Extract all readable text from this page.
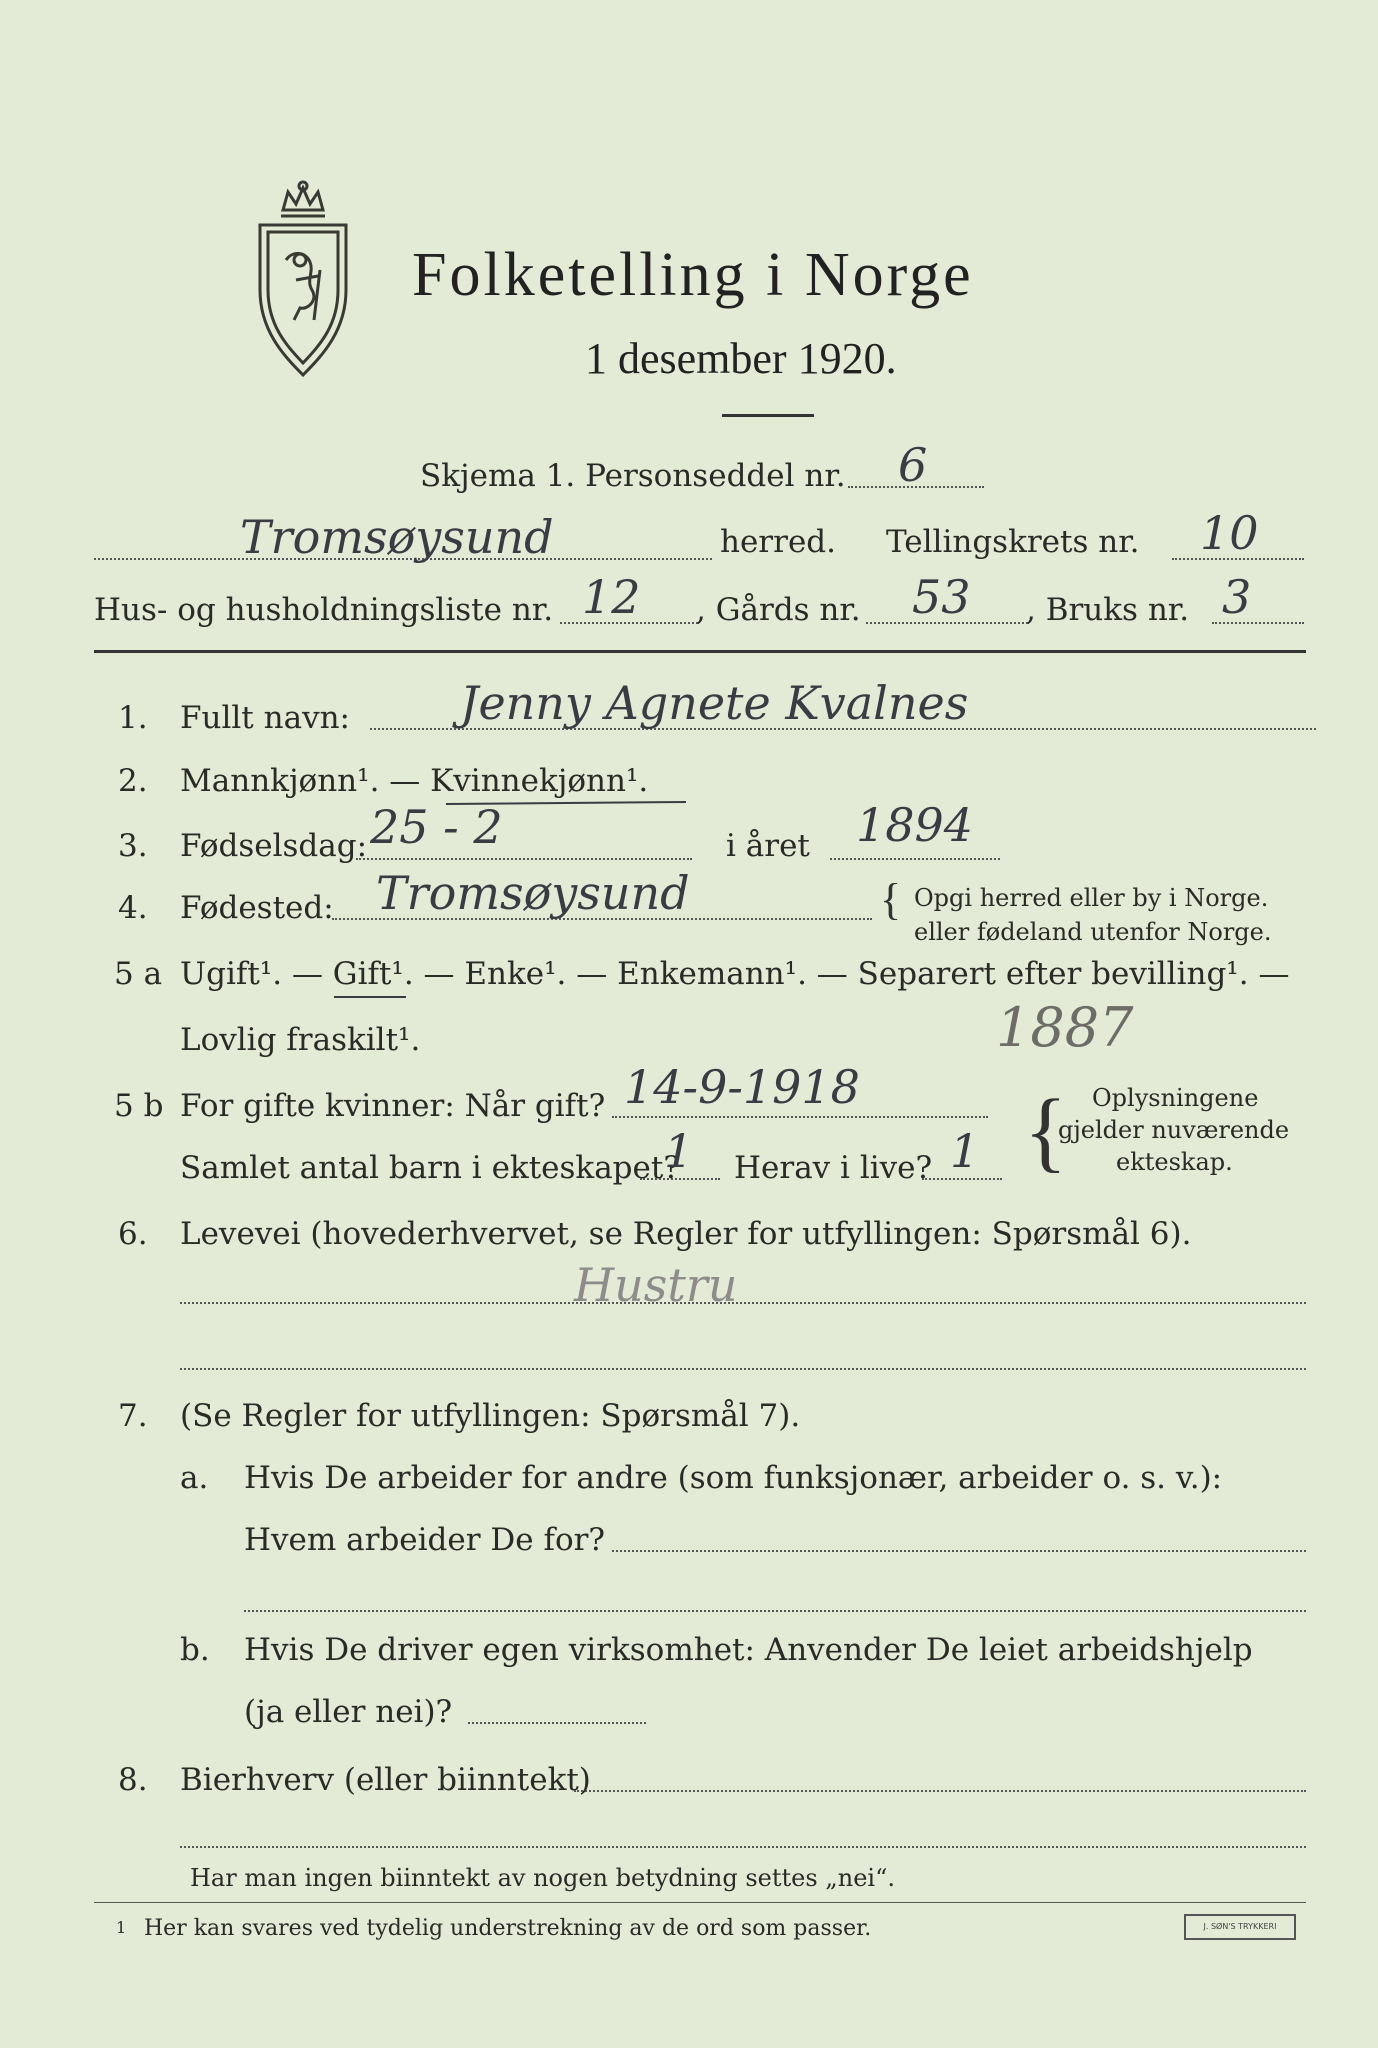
Folketelling i Norge
1 desember 1920.
Skjema 1. Personseddel nr. 6
Tromsøysund	herred. Tellingskrets nr. 10
Hus- og husholdningsliste nr. 12 , Gårds nr. 53 , Bruks nr. 3
1. Fullt navn: Jenny Agnete Kvalnes
2. Mannkjønn¹. — Kvinnekjønn¹.
3. Fødselsdag: 25 - 2	i året 1894
4. Fødested: Tromsøysund	{ Opgi herred eller by i Norge.
eller fødeland utenfor Norge.
5 a Ugift¹. — Gift¹. — Enke¹. — Enkemann¹. — Separert efter bevilling¹. —
Lovlig fraskilt¹.	1887
5 b For gifte kvinner: Når gift? 14-9-1918
Samlet antal barn i ekteskapet?
1 Herav i live? 1 { Oplysningene
gjelder nuværende
ekteskap.
6. Levevei (hovederhvervet, se Regler for utfyllingen: Spørsmål 6).
Hustru
7. (Se Regler for utfyllingen: Spørsmål 7).
a. Hvis De arbeider for andre (som funksjonær, arbeider o. s. v.):
Hvem arbeider De for?
b. Hvis De driver egen virksomhet: Anvender De leiet arbeidshjelp
(ja eller nei)?
8. Bierhverv (eller biinntekt)
Har man ingen biinntekt av nogen betydning settes „nei“.
1 Her kan svares ved tydelig understrekning av de ord som passer.	J. SØN'S TRYKKERI
